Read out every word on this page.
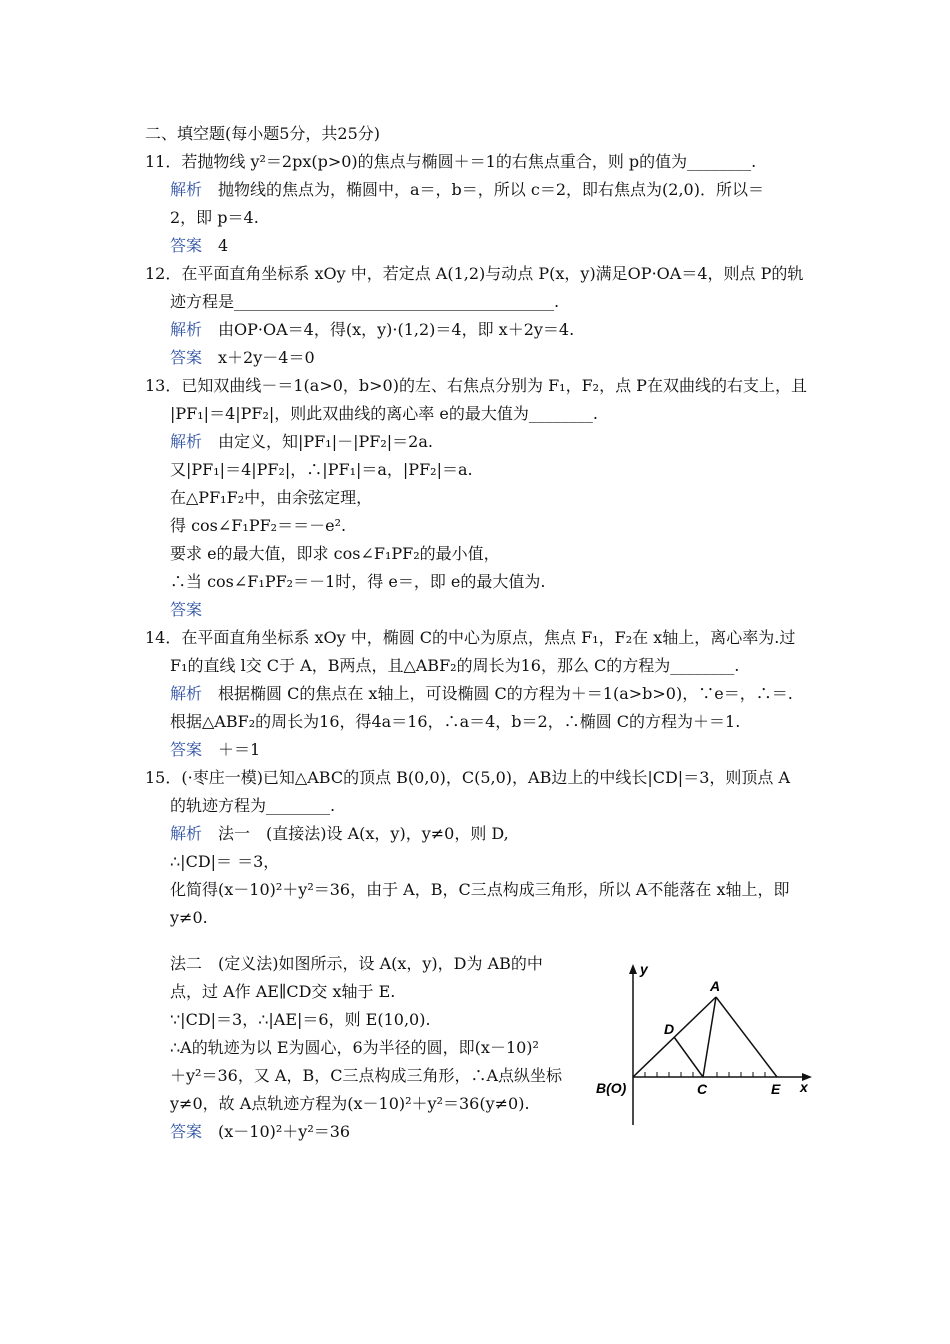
二、填空题(每小题5分，共25分)
11．若抛物线 y²＝2px(p>0)的焦点与椭圆＋＝1的右焦点重合，则 p的值为________.
解析 抛物线的焦点为，椭圆中，a＝，b＝，所以 c＝2，即右焦点为(2,0)．所以＝
2，即 p＝4.
答案 4
12．在平面直角坐标系 xOy 中，若定点 A(1,2)与动点 P(x，y)满足OP·OA＝4，则点 P的轨
迹方程是________________________________________.
解析 由OP·OA＝4，得(x，y)·(1,2)＝4，即 x＋2y＝4.
答案 x＋2y－4＝0
13．已知双曲线－＝1(a>0，b>0)的左、右焦点分别为 F₁，F₂，点 P在双曲线的右支上，且
|PF₁|＝4|PF₂|，则此双曲线的离心率 e的最大值为________.
解析 由定义，知|PF₁|－|PF₂|＝2a.
又|PF₁|＝4|PF₂|，∴|PF₁|＝a，|PF₂|＝a.
在△PF₁F₂中，由余弦定理，
得 cos∠F₁PF₂＝＝－e².
要求 e的最大值，即求 cos∠F₁PF₂的最小值，
∴当 cos∠F₁PF₂＝－1时，得 e＝，即 e的最大值为.
答案
14．在平面直角坐标系 xOy 中，椭圆 C的中心为原点，焦点 F₁，F₂在 x轴上，离心率为.过
F₁的直线 l交 C于 A，B两点，且△ABF₂的周长为16，那么 C的方程为________.
解析 根据椭圆 C的焦点在 x轴上，可设椭圆 C的方程为＋＝1(a>b>0)，∵e＝，∴＝.
根据△ABF₂的周长为16，得4a＝16，∴a＝4，b＝2，∴椭圆 C的方程为＋＝1.
答案 ＋＝1
15．(·枣庄一模)已知△ABC的顶点 B(0,0)，C(5,0)，AB边上的中线长|CD|＝3，则顶点 A
的轨迹方程为________.
解析 法一　(直接法)设 A(x，y)，y≠0，则 D,
∴|CD|＝ ＝3，
化简得(x－10)²＋y²＝36，由于 A，B，C三点构成三角形，所以 A不能落在 x轴上，即
y≠0.
法二　(定义法)如图所示，设 A(x，y)，D为 AB的中
点，过 A作 AE∥CD交 x轴于 E.
∵|CD|＝3，∴|AE|＝6，则 E(10,0).
∴A的轨迹为以 E为圆心，6为半径的圆，即(x－10)²
＋y²＝36，又 A，B，C三点构成三角形，∴A点纵坐标
y≠0，故 A点轨迹方程为(x－10)²＋y²＝36(y≠0).
答案 (x－10)²＋y²＝36
y
x
A
D
B(O)	C	E
